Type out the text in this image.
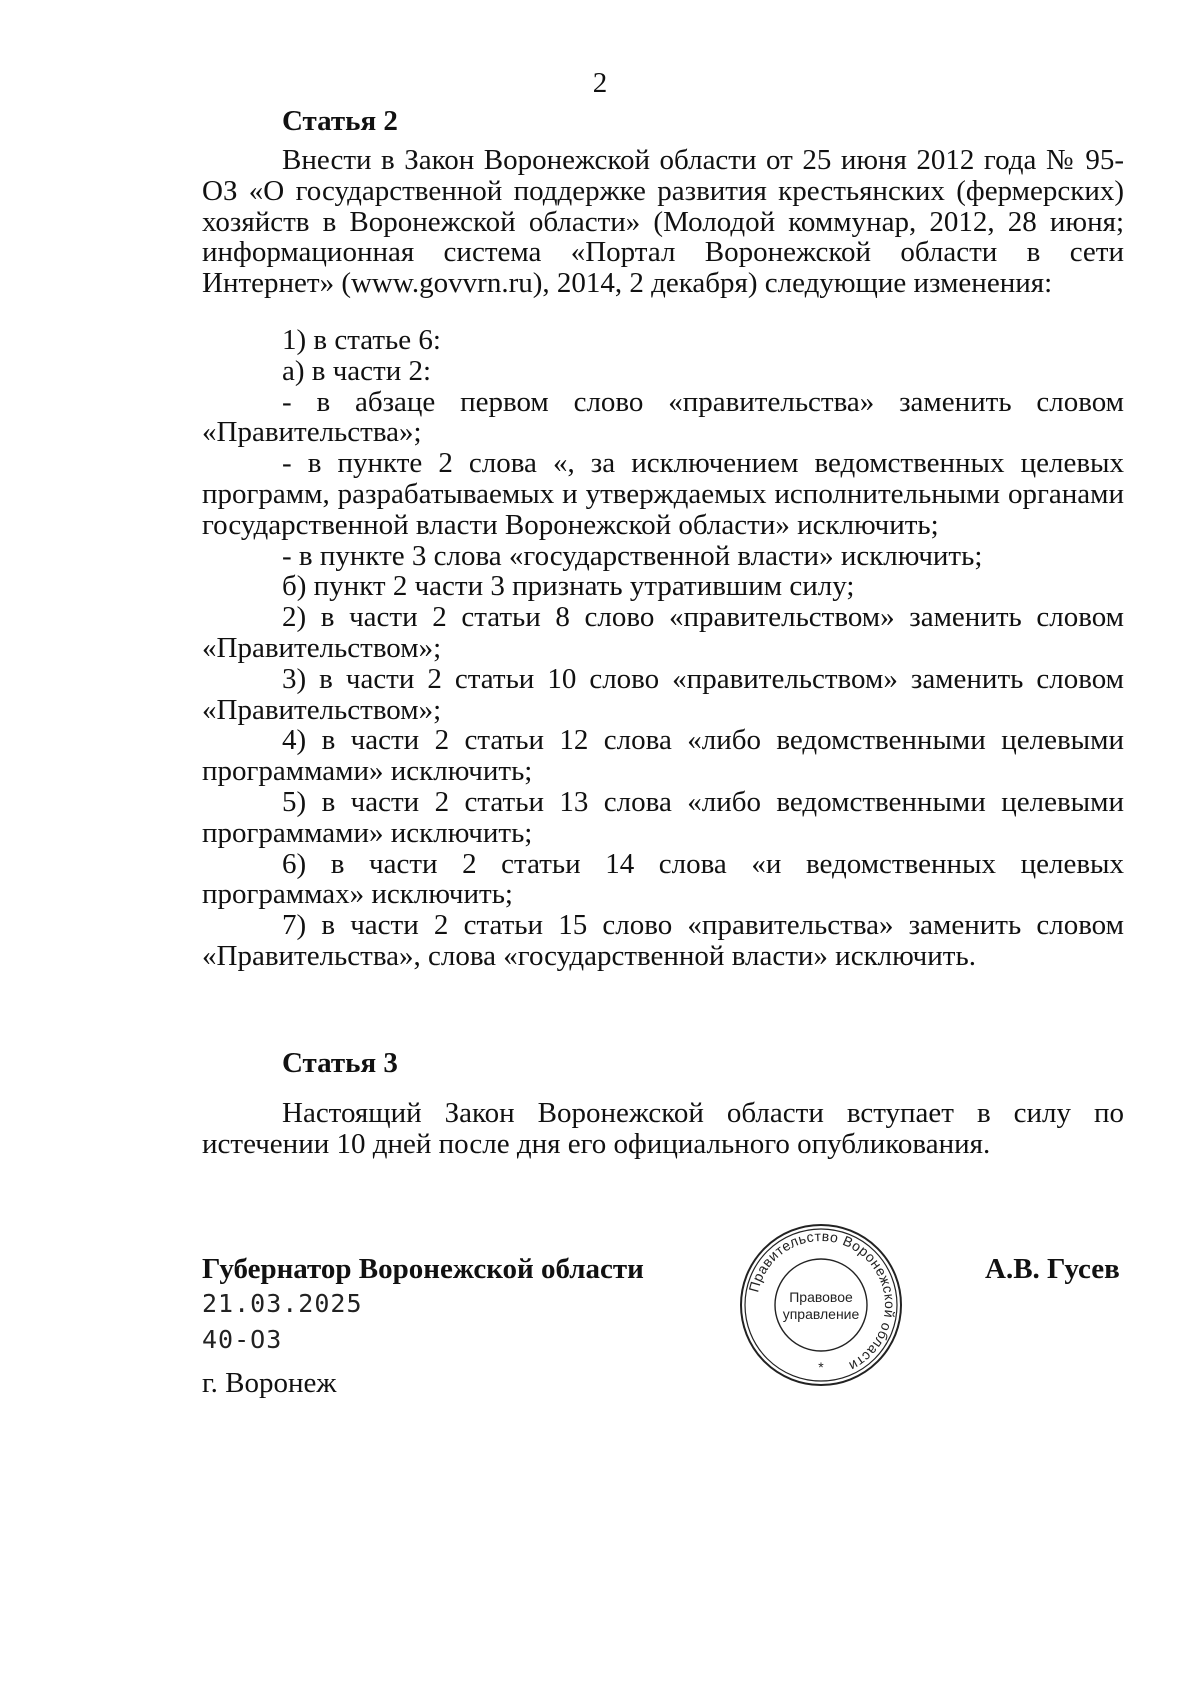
2
Статья 2

Внести в Закон Воронежской области от 25 июня 2012 года № 95-ОЗ «О государственной поддержке развития крестьянских (фермерских) хозяйств в Воронежской области» (Молодой коммунар, 2012, 28 июня; информационная система «Портал Воронежской области в сети Интернет» (www.govvrn.ru), 2014, 2 декабря) следующие изменения:

1) в статье 6:

а) в части 2:

- в абзаце первом слово «правительства» заменить словом «Правительства»;

- в пункте 2 слова «, за исключением ведомственных целевых программ, разрабатываемых и утверждаемых исполнительными органами государственной власти Воронежской области» исключить;

- в пункте 3 слова «государственной власти» исключить;

б) пункт 2 части 3 признать утратившим силу;

2) в части 2 статьи 8 слово «правительством» заменить словом «Правительством»;

3) в части 2 статьи 10 слово «правительством» заменить словом «Правительством»;

4) в части 2 статьи 12 слова «либо ведомственными целевыми программами» исключить;

5) в части 2 статьи 13 слова «либо ведомственными целевыми программами» исключить;

6) в части 2 статьи 14 слова «и ведомственных целевых программах» исключить;

7) в части 2 статьи 15 слово «правительства» заменить словом «Правительства», слова «государственной власти» исключить.

Статья 3

Настоящий Закон Воронежской области вступает в силу по истечении 10 дней после дня его официального опубликования.

Губернатор Воронежской области
21.03.2025
40-ОЗ
г. Воронеж
Правительство Воронежской области
Правовое
управление
*
А.В. Гусев
